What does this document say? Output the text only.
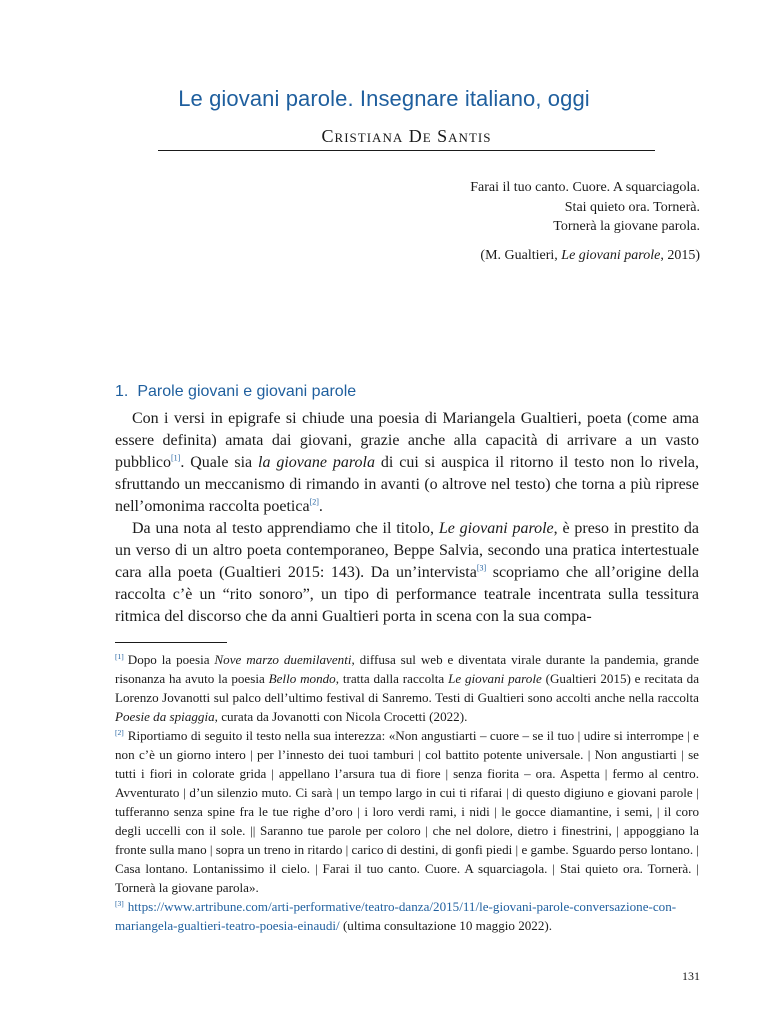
Le giovani parole. Insegnare italiano, oggi
Cristiana De Santis
Farai il tuo canto. Cuore. A squarciagola.
Stai quieto ora. Tornerà.
Tornerà la giovane parola.
(M. Gualtieri, Le giovani parole, 2015)
1. Parole giovani e giovani parole

Con i versi in epigrafe si chiude una poesia di Mariangela Gualtieri, poeta (come ama essere definita) amata dai giovani, grazie anche alla capacità di arrivare a un vasto pubblico[1]. Quale sia la giovane parola di cui si auspica il ritorno il testo non lo rivela, sfruttando un meccanismo di rimando in avanti (o altrove nel testo) che torna a più riprese nell’omonima raccolta poetica[2].

Da una nota al testo apprendiamo che il titolo, Le giovani parole, è preso in prestito da un verso di un altro poeta contemporaneo, Beppe Salvia, secondo una pratica intertestuale cara alla poeta (Gualtieri 2015: 143). Da un’intervista[3] scopriamo che all’origine della raccolta c’è un “rito sonoro”, un tipo di performance teatrale incentrata sulla tessitura ritmica del discorso che da anni Gualtieri porta in scena con la sua compa-

[1] Dopo la poesia Nove marzo duemilaventi, diffusa sul web e diventata virale durante la pandemia, grande risonanza ha avuto la poesia Bello mondo, tratta dalla raccolta Le giovani parole (Gualtieri 2015) e recitata da Lorenzo Jovanotti sul palco dell’ultimo festival di Sanremo. Testi di Gualtieri sono accolti anche nella raccolta Poesie da spiaggia, curata da Jovanotti con Nicola Crocetti (2022).

[2] Riportiamo di seguito il testo nella sua interezza: «Non angustiarti – cuore – se il tuo | udire si interrompe | e non c’è un giorno intero | per l’innesto dei tuoi tamburi | col battito potente universale. | Non angustiarti | se tutti i fiori in colorate grida | appellano l’arsura tua di fiore | senza fiorita – ora. Aspetta | fermo al centro. Avventurato | d’un silenzio muto. Ci sarà | un tempo largo in cui ti rifarai | di questo digiuno e giovani parole | tufferanno senza spine fra le tue righe d’oro | i loro verdi rami, i nidi | le gocce diamantine, i semi, | il coro degli uccelli con il sole. || Saranno tue parole per coloro | che nel dolore, dietro i finestrini, | appoggiano la fronte sulla mano | sopra un treno in ritardo | carico di destini, di gonfi piedi | e gambe. Sguardo perso lontano. | Casa lontano. Lontanissimo il cielo. | Farai il tuo canto. Cuore. A squarciagola. | Stai quieto ora. Tornerà. | Tornerà la giovane parola».

[3] https://www.artribune.com/arti-performative/teatro-danza/2015/11/le-giovani-parole-conversazione-con-mariangela-gualtieri-teatro-poesia-einaudi/ (ultima consultazione 10 maggio 2022).

131
